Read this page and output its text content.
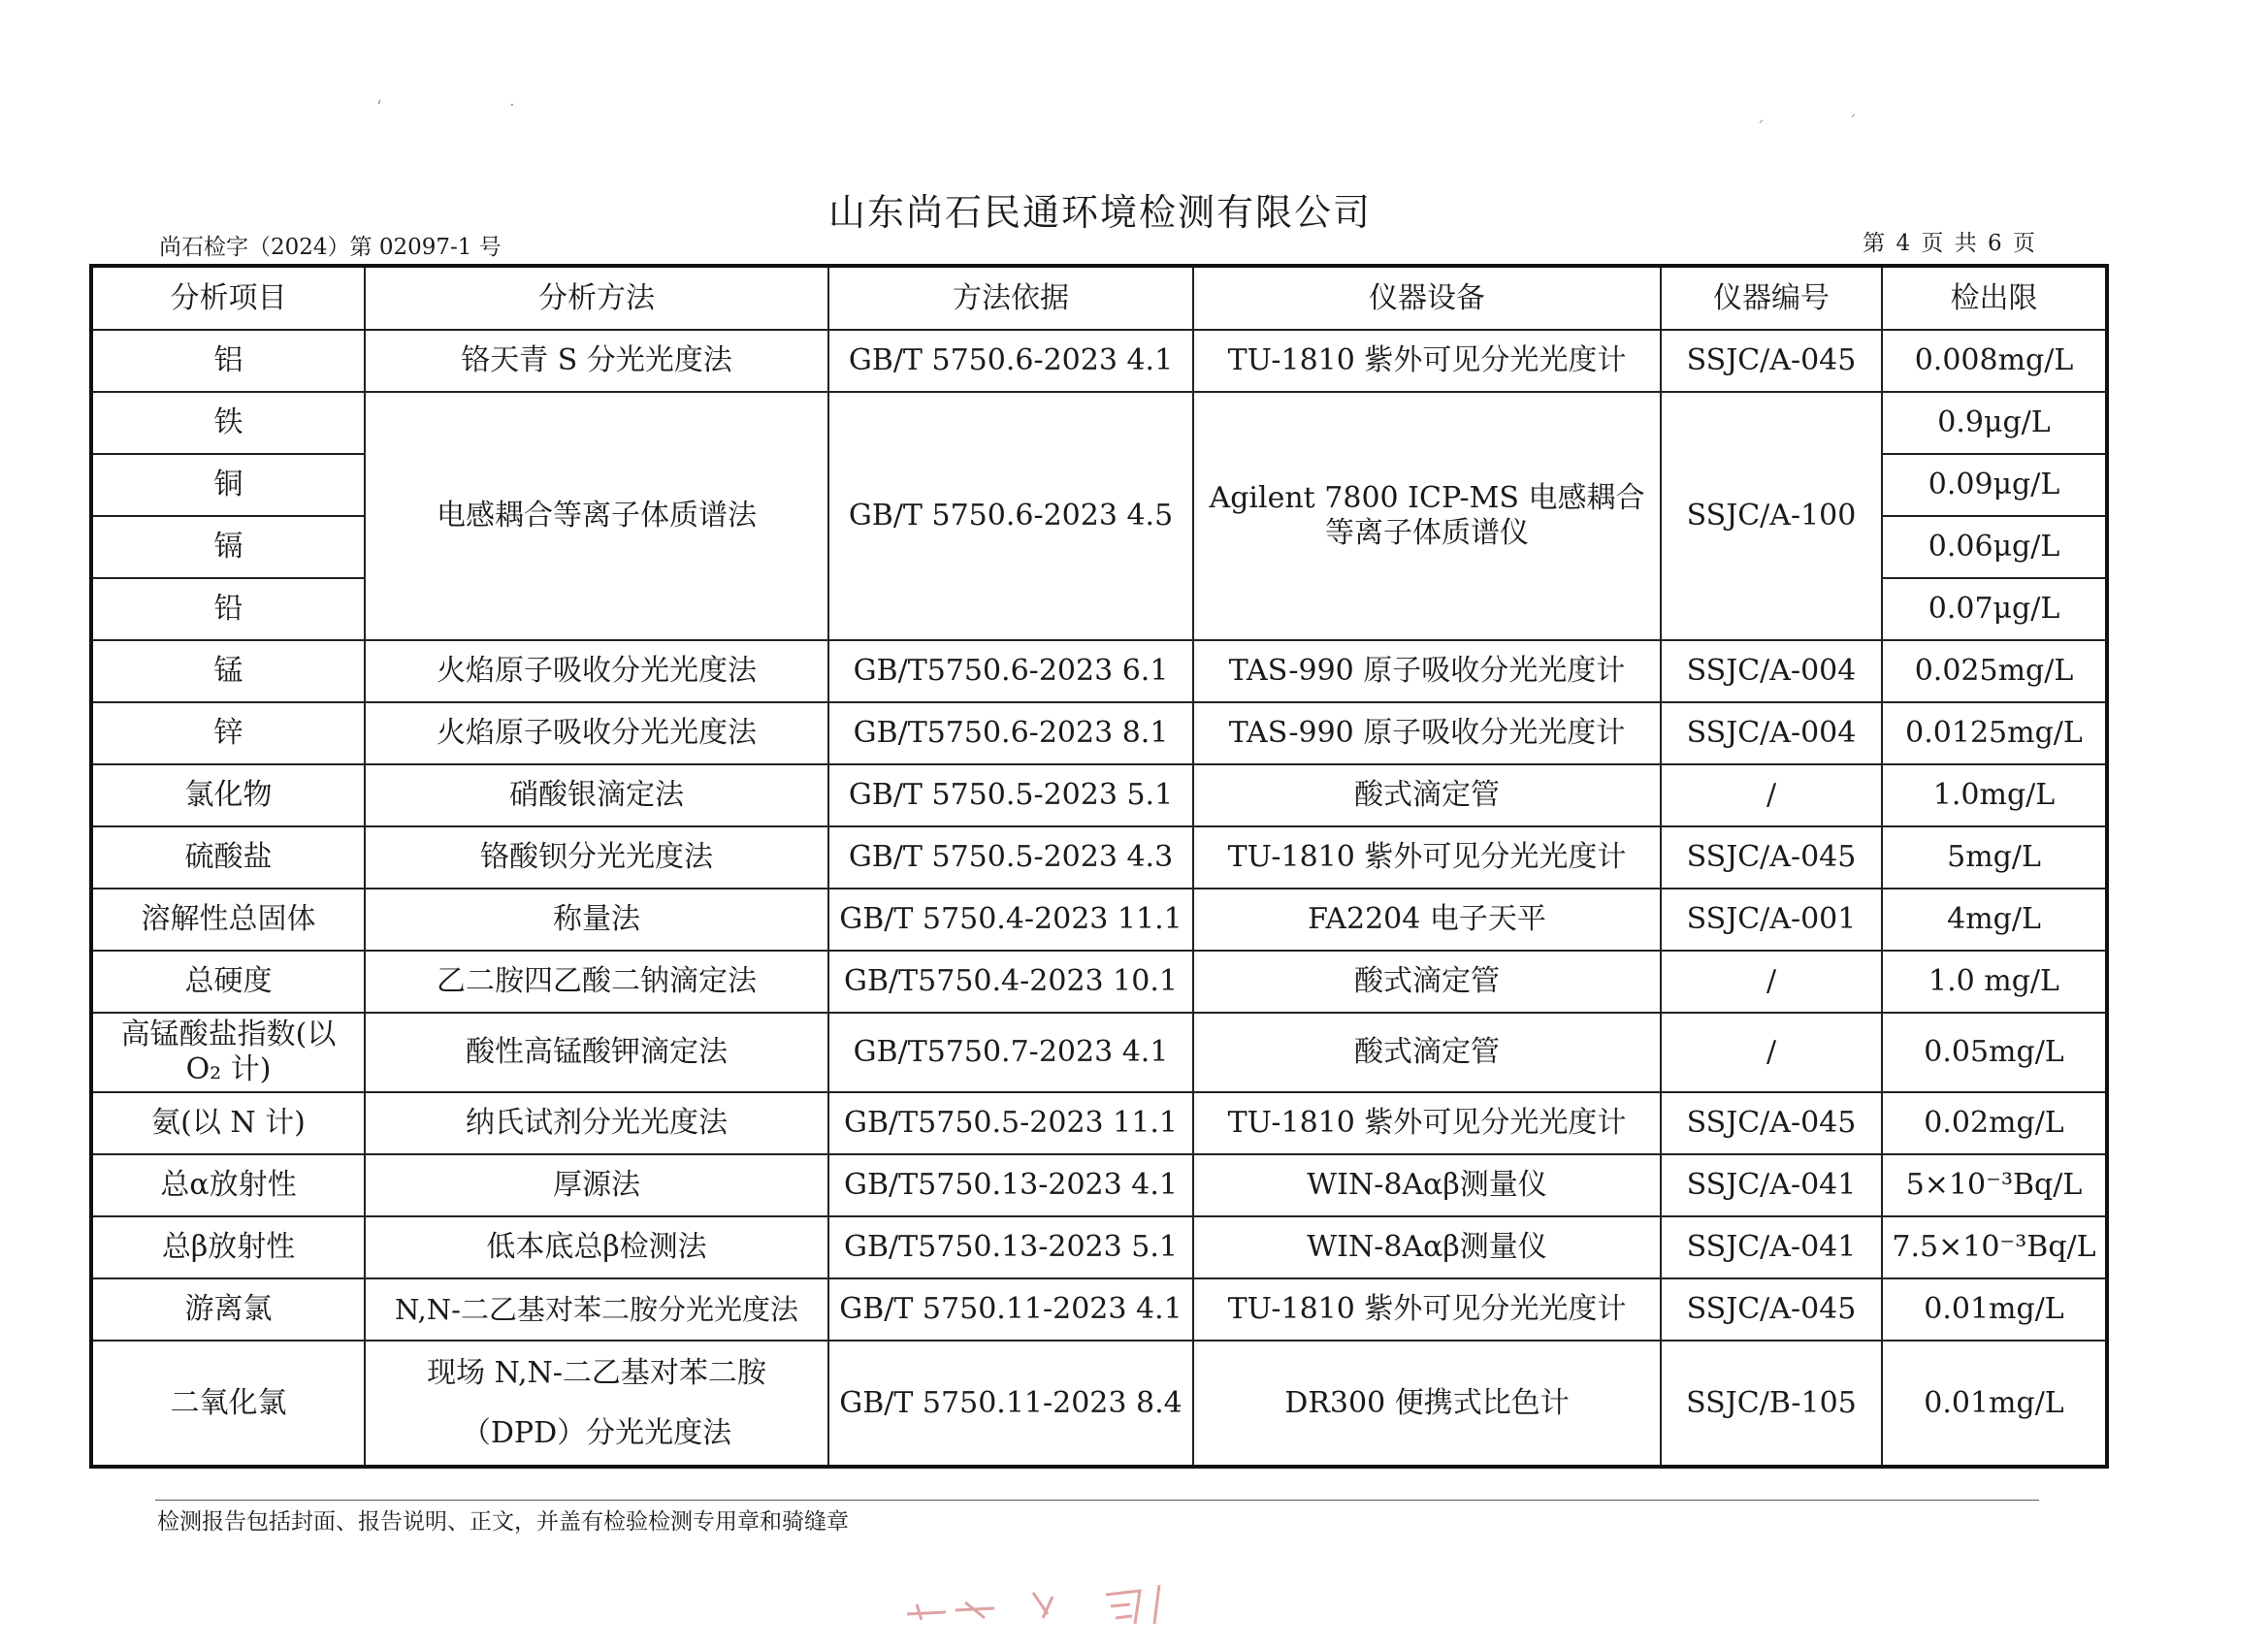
‘	·
ˊ	ˊ
山东尚石民通环境检测有限公司
尚石检字（2024）第 02097-1 号	第 4 页 共 6 页
分析项目	分析方法	方法依据	仪器设备	仪器编号	检出限
铝	铬天青 S 分光光度法	GB/T 5750.6-2023 4.1	TU-1810 紫外可见分光光度计	SSJC/A-045	0.008mg/L
铁	电感耦合等离子体质谱法	GB/T 5750.6-2023 4.5	Agilent 7800 ICP-MS 电感耦合
等离子体质谱仪	SSJC/A-100	0.9μg/L
铜					0.09μg/L
镉					0.06μg/L
铅					0.07μg/L
锰	火焰原子吸收分光光度法	GB/T5750.6-2023 6.1	TAS-990 原子吸收分光光度计	SSJC/A-004	0.025mg/L
锌	火焰原子吸收分光光度法	GB/T5750.6-2023 8.1	TAS-990 原子吸收分光光度计	SSJC/A-004	0.0125mg/L
氯化物	硝酸银滴定法	GB/T 5750.5-2023 5.1	酸式滴定管	/	1.0mg/L
硫酸盐	铬酸钡分光光度法	GB/T 5750.5-2023 4.3	TU-1810 紫外可见分光光度计	SSJC/A-045	5mg/L
溶解性总固体	称量法	GB/T 5750.4-2023 11.1	FA2204 电子天平	SSJC/A-001	4mg/L
总硬度	乙二胺四乙酸二钠滴定法	GB/T5750.4-2023 10.1	酸式滴定管	/	1.0 mg/L
高锰酸盐指数(以
O₂ 计)	酸性高锰酸钾滴定法	GB/T5750.7-2023 4.1	酸式滴定管	/	0.05mg/L
氨(以 N 计)	纳氏试剂分光光度法	GB/T5750.5-2023 11.1	TU-1810 紫外可见分光光度计	SSJC/A-045	0.02mg/L
总α放射性	厚源法	GB/T5750.13-2023 4.1	WIN-8Aαβ测量仪	SSJC/A-041	5×10⁻³Bq/L
总β放射性	低本底总β检测法	GB/T5750.13-2023 5.1	WIN-8Aαβ测量仪	SSJC/A-041	7.5×10⁻³Bq/L
游离氯	N,N-二乙基对苯二胺分光光度法	GB/T 5750.11-2023 4.1	TU-1810 紫外可见分光光度计	SSJC/A-045	0.01mg/L
二氧化氯	现场 N,N-二乙基对苯二胺
（DPD）分光光度法	GB/T 5750.11-2023 8.4	DR300 便携式比色计	SSJC/B-105	0.01mg/L
检测报告包括封面、报告说明、正文，并盖有检验检测专用章和骑缝章
